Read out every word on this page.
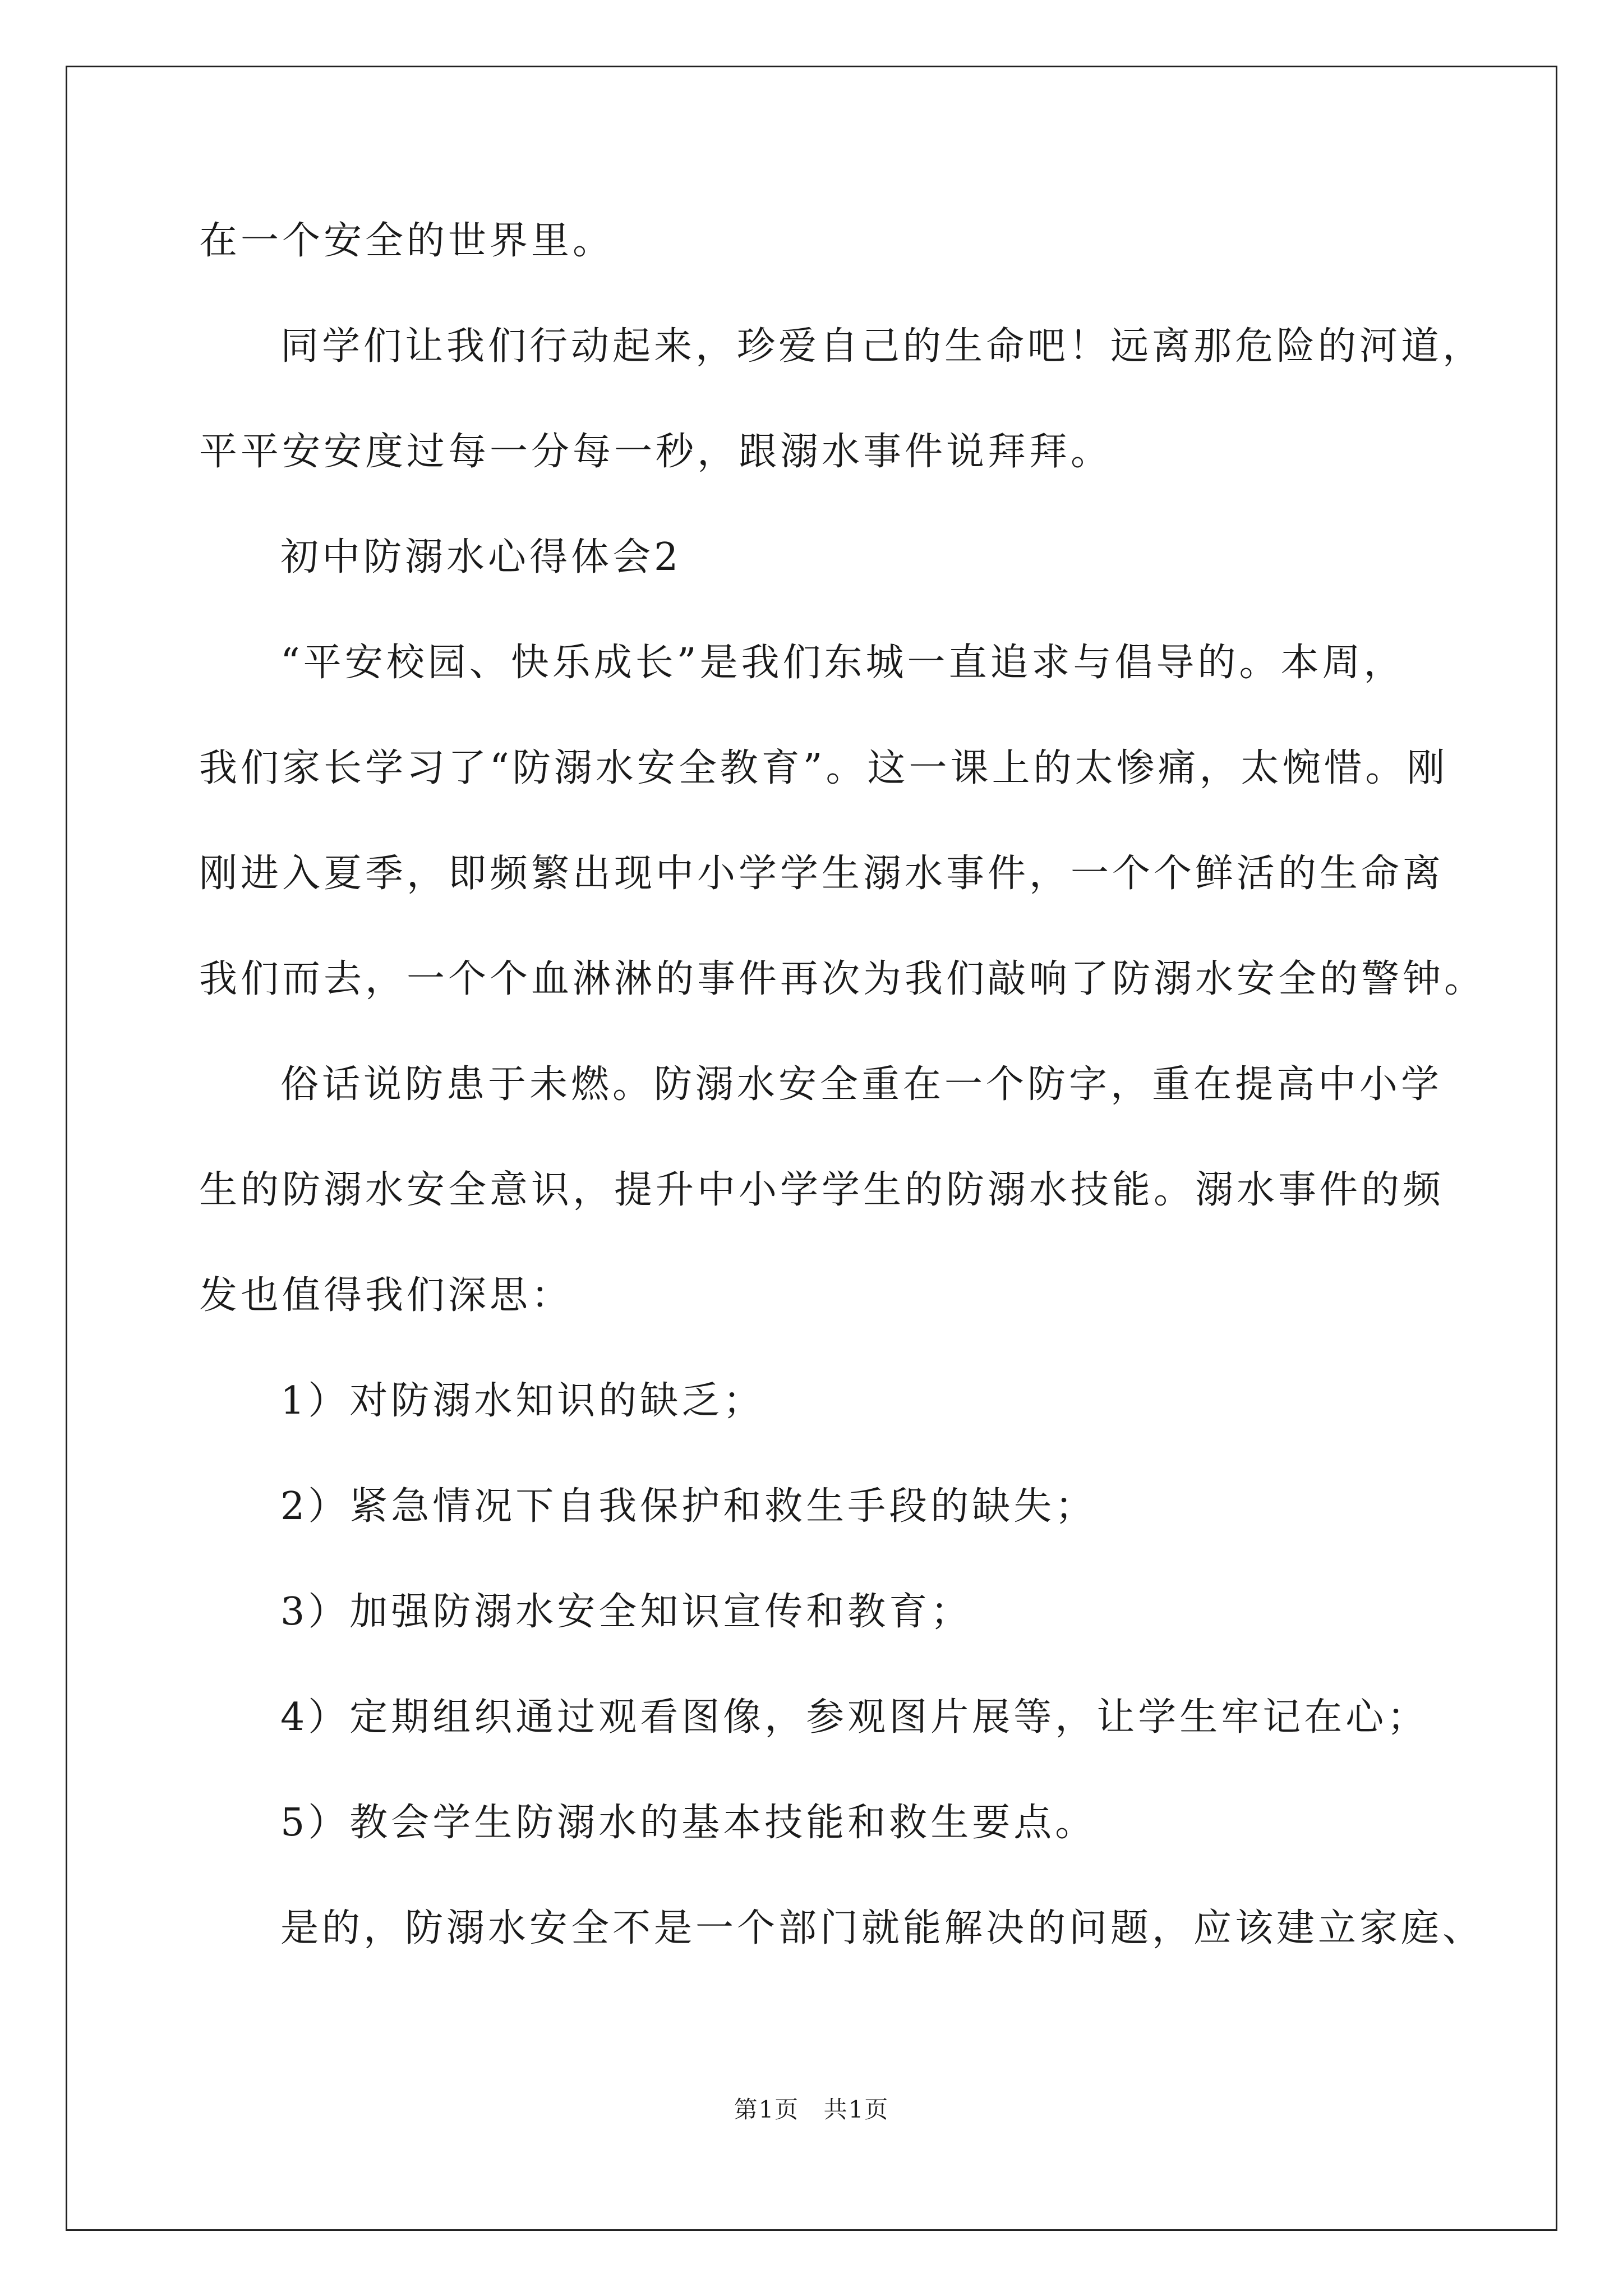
在一个安全的世界里。
同学们让我们行动起来，珍爱自己的生命吧！远离那危险的河道，
平平安安度过每一分每一秒，跟溺水事件说拜拜。
初中防溺水心得体会2
“平安校园、快乐成长”是我们东城一直追求与倡导的。本周，
我们家长学习了“防溺水安全教育”。这一课上的太惨痛，太惋惜。刚
刚进入夏季，即频繁出现中小学学生溺水事件，一个个鲜活的生命离
我们而去，一个个血淋淋的事件再次为我们敲响了防溺水安全的警钟。
俗话说防患于未燃。防溺水安全重在一个防字，重在提高中小学
生的防溺水安全意识，提升中小学学生的防溺水技能。溺水事件的频
发也值得我们深思：
1）对防溺水知识的缺乏；
2）紧急情况下自我保护和救生手段的缺失；
3）加强防溺水安全知识宣传和教育；
4）定期组织通过观看图像，参观图片展等，让学生牢记在心；
5）教会学生防溺水的基本技能和救生要点。
是的，防溺水安全不是一个部门就能解决的问题，应该建立家庭、
第1页 共1页
